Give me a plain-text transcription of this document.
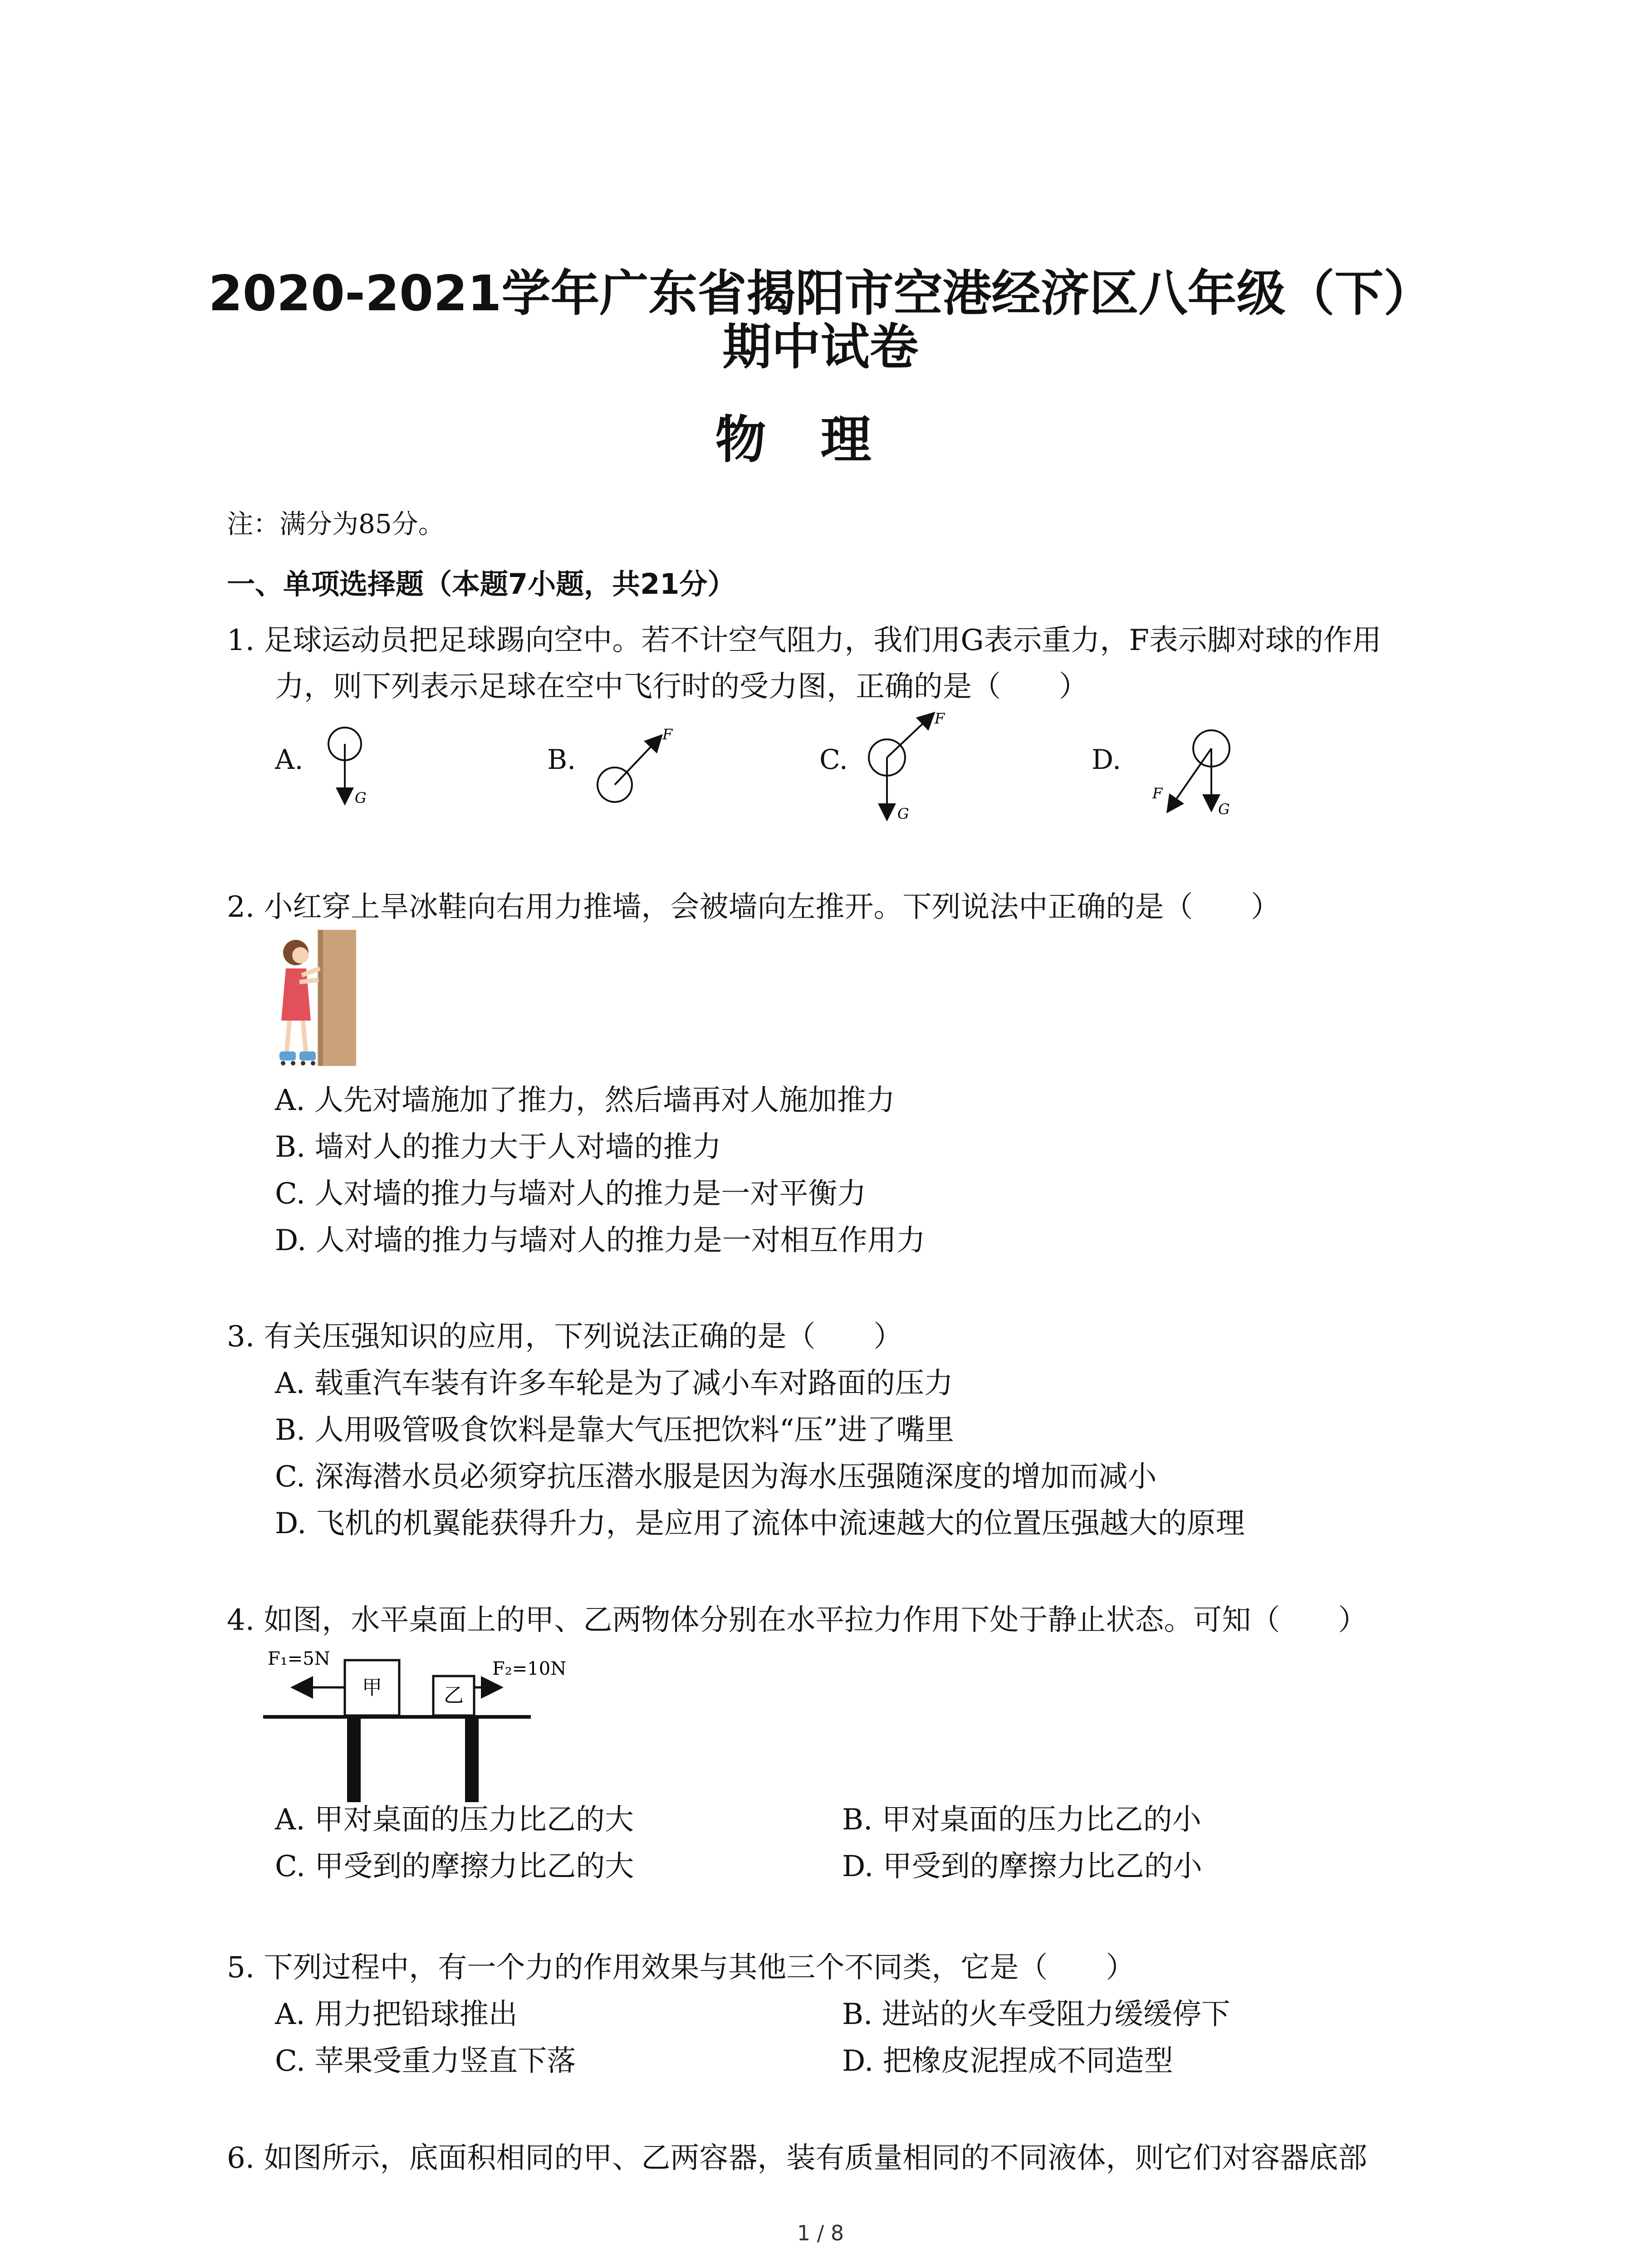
2020-2021学年广东省揭阳市空港经济区八年级（下）
期中试卷
物理
注：满分为85分。
一、单项选择题（本题7小题，共21分）
1. 足球运动员把足球踢向空中。若不计空气阻力，我们用G表示重力，F表示脚对球的作用
力，则下列表示足球在空中飞行时的受力图，正确的是（　　）
A.	B.	C.	D.
G
F
F
G
F
G
2. 小红穿上旱冰鞋向右用力推墙，会被墙向左推开。下列说法中正确的是（　　）
A. 人先对墙施加了推力，然后墙再对人施加推力
B. 墙对人的推力大于人对墙的推力
C. 人对墙的推力与墙对人的推力是一对平衡力
D. 人对墙的推力与墙对人的推力是一对相互作用力
3. 有关压强知识的应用，下列说法正确的是（　　）
A. 载重汽车装有许多车轮是为了减小车对路面的压力
B. 人用吸管吸食饮料是靠大气压把饮料“压”进了嘴里
C. 深海潜水员必须穿抗压潜水服是因为海水压强随深度的增加而减小
D. 飞机的机翼能获得升力，是应用了流体中流速越大的位置压强越大的原理
4. 如图，水平桌面上的甲、乙两物体分别在水平拉力作用下处于静止状态。可知（　　）
甲	乙
F₁=5N	F₂=10N
A. 甲对桌面的压力比乙的大	B. 甲对桌面的压力比乙的小
C. 甲受到的摩擦力比乙的大	D. 甲受到的摩擦力比乙的小
5. 下列过程中，有一个力的作用效果与其他三个不同类，它是（　　）
A. 用力把铅球推出	B. 进站的火车受阻力缓缓停下
C. 苹果受重力竖直下落	D. 把橡皮泥捏成不同造型
6. 如图所示，底面积相同的甲、乙两容器，装有质量相同的不同液体，则它们对容器底部
1 / 8
